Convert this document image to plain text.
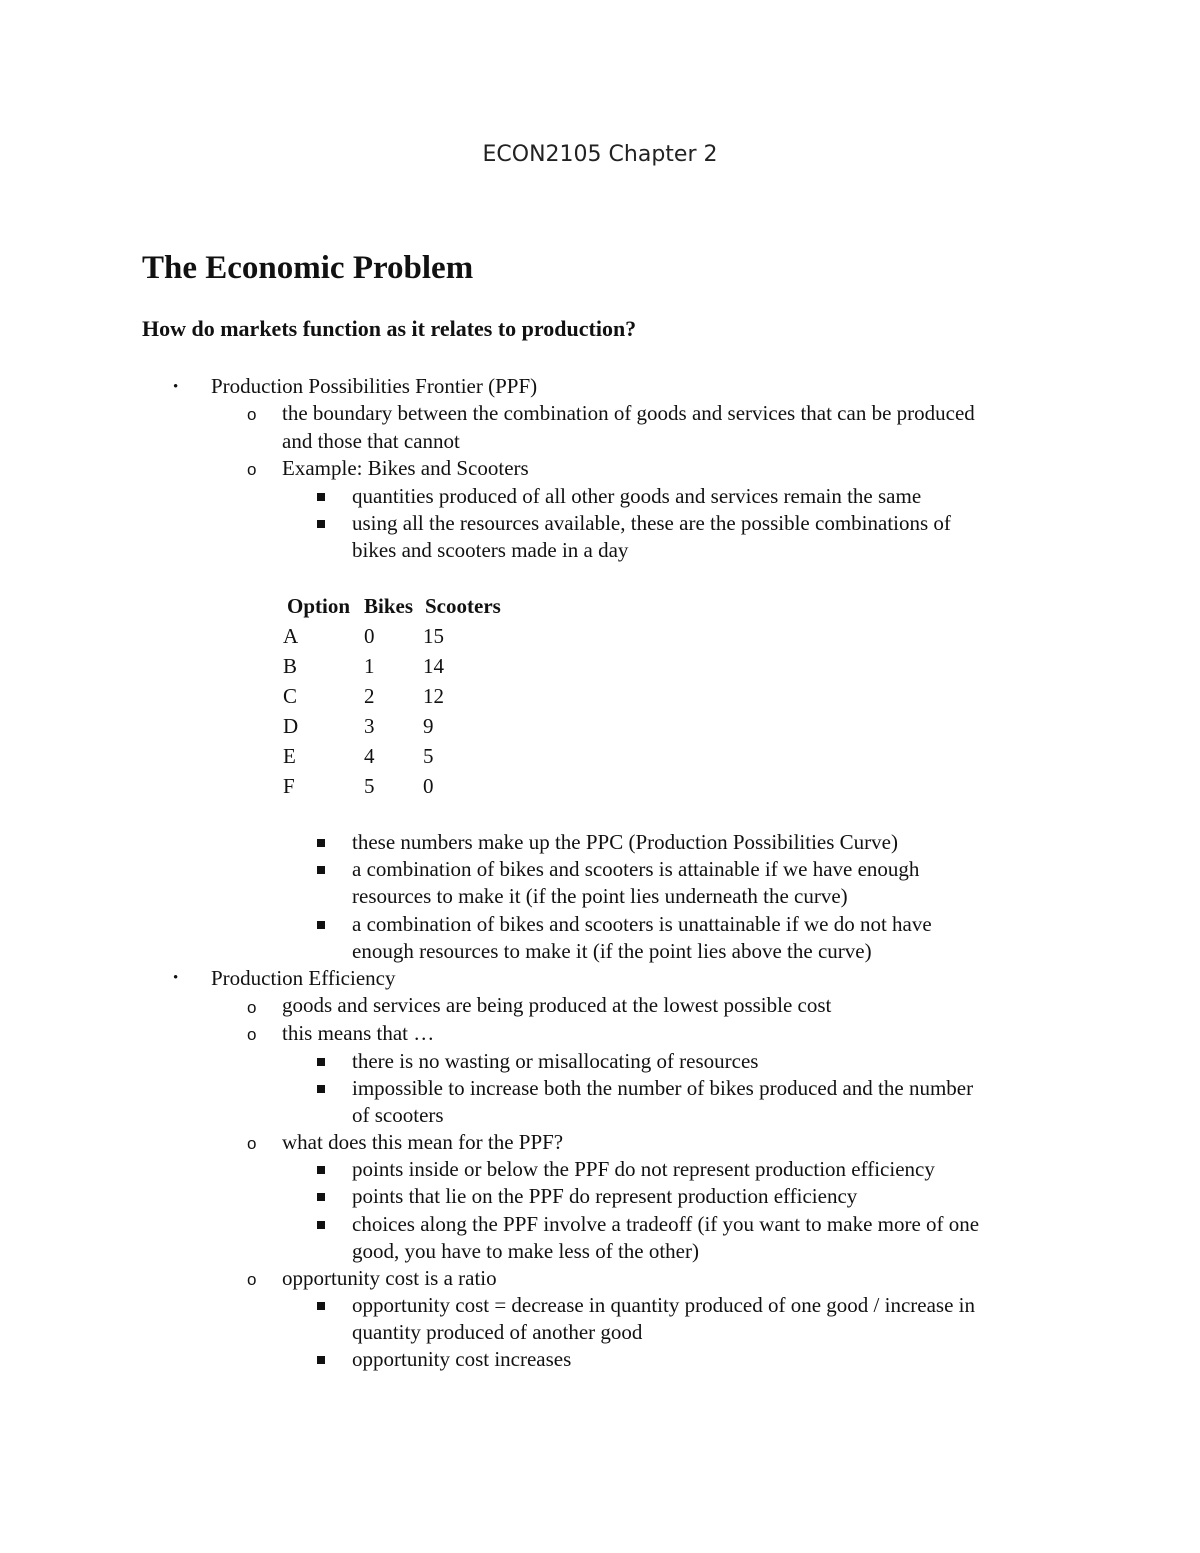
ECON2105 Chapter 2
The Economic Problem
How do markets function as it relates to production?
•
o
o
•
o
o
o
o
Production Possibilities Frontier (PPF)
the boundary between the combination of goods and services that can be produced
and those that cannot
Example: Bikes and Scooters
quantities produced of all other goods and services remain the same
using all the resources available, these are the possible combinations of
bikes and scooters made in a day
Option Bikes Scooters
A	0 15
B	1 14
C	2 12
D	3 9
E	4 5
F	5 0
these numbers make up the PPC (Production Possibilities Curve)
a combination of bikes and scooters is attainable if we have enough
resources to make it (if the point lies underneath the curve)
a combination of bikes and scooters is unattainable if we do not have
enough resources to make it (if the point lies above the curve)
Production Efficiency
goods and services are being produced at the lowest possible cost
this means that …
there is no wasting or misallocating of resources
impossible to increase both the number of bikes produced and the number
of scooters
what does this mean for the PPF?
points inside or below the PPF do not represent production efficiency
points that lie on the PPF do represent production efficiency
choices along the PPF involve a tradeoff (if you want to make more of one
good, you have to make less of the other)
opportunity cost is a ratio
opportunity cost = decrease in quantity produced of one good / increase in
quantity produced of another good
opportunity cost increases
